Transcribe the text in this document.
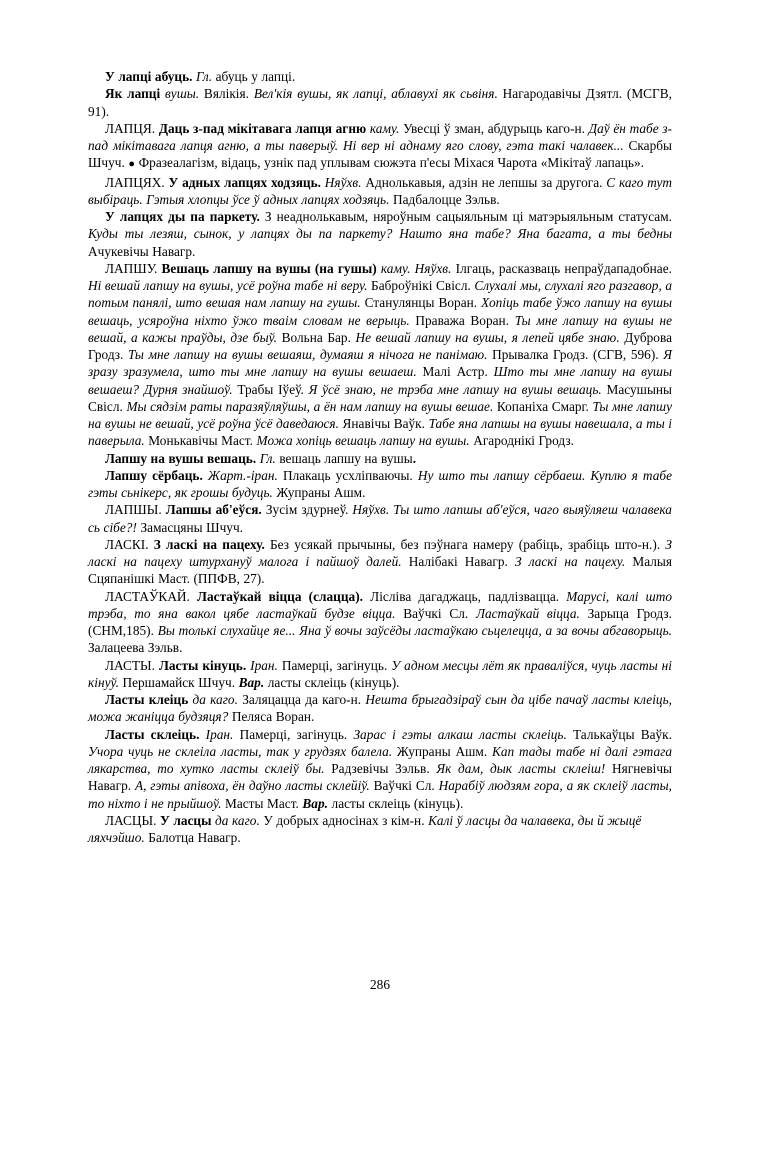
У лапці абуць. Гл. абуць у лапці.

Як лапці вушы. Вялікія. Вел'кія вушы, як лапці, аблавухі як сьвіня. Нагародавічы Дзятл. (МСГВ, 91).

ЛАПЦЯ. Даць з-пад мікітавага лапця агню каму. Увесці ў зман, абдурыць каго-н. Даў ён табе з-пад мікітавага лапця агню, а ты паверыў. Ні вер ні аднаму яго слову, гэта такі чалавек... Скарбы Шчуч. ● Фразеалагізм, відаць, узнік пад уплывам сюжэта п'есы Міхася Чарота «Мікітаў лапаць».

ЛАПЦЯХ. У адных лапцях ходзяць. Няўхв. Аднолькавыя, адзін не лепшы за другога. С каго тут выбіраць. Гэтыя хлопцы ўсе ў адных лапцях ходзяць. Падбалоцце Зэльв.

У лапцях ды па паркету. З неаднолькавым, няроўным сацыяльным ці матэрыяльным статусам. Куды ты лезяш, сынок, у лапцях ды па паркету? Нашто яна табе? Яна багата, а ты бедны Ачукевічы Навагр.

ЛАПШУ. Вешаць лапшу на вушы (на гушы) каму. Няўхв. Ілгаць, расказваць непраўдападобнае. Ні вешай лапшу на вушы, усё роўна табе ні веру. Баброўнікі Свісл. Слухалі мы, слухалі яго разгавор, а потым панялі, што вешая нам лапшу на гушы. Станулянцы Воран. Хопіць табе ўжо лапшу на вушы вешаць, усяроўна ніхто ўжо тваім словам не верыць. Праважа Воран. Ты мне лапшу на вушы не вешай, а кажы праўды, дзе быў. Вольна Бар. Не вешай лапшу на вушы, я лепей цябе знаю. Дуброва Гродз. Ты мне лапшу на вушы вешаяш, думаяш я нічога не панімаю. Прывалка Гродз. (СГВ, 596). Я зразу зразумела, што ты мне лапшу на вушы вешаеш. Малі Астр. Што ты мне лапшу на вушы вешаеш? Дурня знайшоў. Трабы Іўеў. Я ўсё знаю, не трэба мне лапшу на вушы вешаць. Масушыны Свісл. Мы сядзім раты паразяўляўшы, а ён нам лапшу на вушы вешае. Копаніха Смарг. Ты мне лапшу на вушы не вешай, усё роўна ўсё даведаюся. Янавічы Ваўк. Табе яна лапшы на вушы навешала, а ты і паверыла. Монькавічы Маст. Можа хопіць вешаць лапшу на вушы. Агароднікі Гродз.

Лапшу на вушы вешаць. Гл. вешаць лапшу на вушы.

Лапшу сёрбаць. Жарт.-іран. Плакаць усхліпваючы. Ну што ты лапшу сёрбаеш. Куплю я табе гэты сьнікерс, як грошы будуць. Жупраны Ашм.

ЛАПШЫ. Лапшы аб'еўся. Зусім здурнеў. Няўхв. Ты што лапшы аб'еўся, чаго выяўляеш чалавека сь сібе?! Замасцяны Шчуч.

ЛАСКІ. З ласкі на пацеху. Без усякай прычыны, без пэўнага намеру (рабіць, зрабіць што-н.). З ласкі на пацеху штурхануў малога і пайшоў далей. Налібакі Навагр. З ласкі на пацеху. Малыя Сцяпанішкі Маст. (ППФВ, 27).

ЛАСТАЎКАЙ. Ластаўкай віцца (слацца). Лісліва дагаджаць, падлізвацца. Марусі, калі што трэба, то яна вакол цябе ластаўкай будзе віцца. Ваўчкі Сл. Ластаўкай віцца. Зарыца Гродз. (СНМ,185). Вы толькі слухайце яе... Яна ў вочы заўсёды ластаўкаю сьцелецца, а за вочы абгаворыць. Залацеева Зэльв.

ЛАСТЫ. Ласты кінуць. Іран. Памерці, загінуць. У адном месцы лёт як праваліўся, чуць ласты ні кінуў. Першамайск Шчуч. Вар. ласты склеіць (кінуць).

Ласты клеіць да каго. Заляцацца да каго-н. Нешта брыгадзіраў сын да цібе пачаў ласты клеіць, можа жаніцца будзяця? Пеляса Воран.

Ласты склеіць. Іран. Памерці, загінуць. Зарас і гэты алкаш ласты склеіць. Талькаўцы Ваўк. Учора чуць не склеіла ласты, так у грудзях балела. Жупраны Ашм. Кап тады табе ні далі гэтага лякарства, то хутко ласты склеіў бы. Радзевічы Зэльв. Як дам, дык ласты склеіш! Нягневічы Навагр. А, гэты апівоха, ён даўно ласты склейіў. Ваўчкі Сл. Нарабіў людзям гора, а як склеіў ласты, то ніхто і не прыйшоў. Масты Маст. Вар. ласты склеіць (кінуць).

ЛАСЦЫ. У ласцы да каго. У добрых адносінах з кім-н. Калі ў ласцы да чалавека, ды й жыцё ляхчэйшо. Балотца Навагр.

286
